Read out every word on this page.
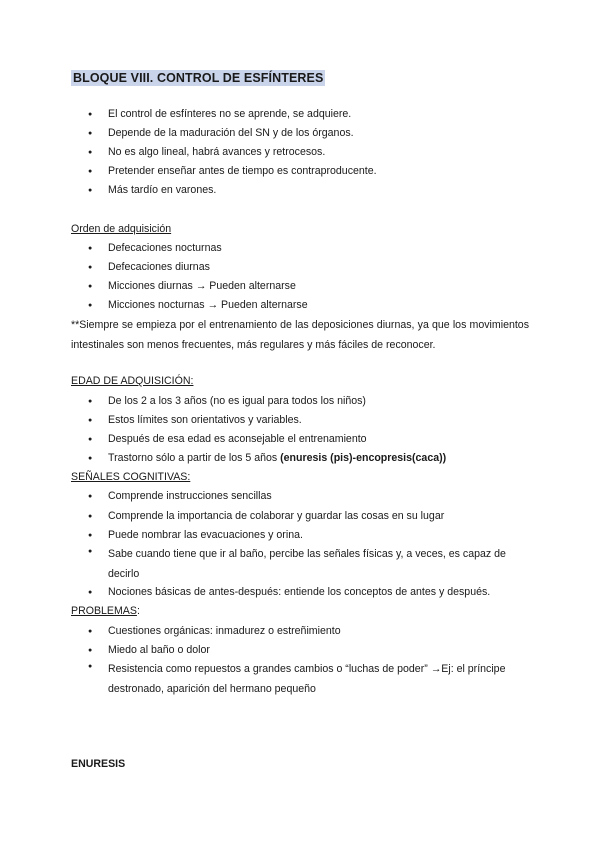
BLOQUE VIII. CONTROL DE ESFÍNTERES
● El control de esfínteres no se aprende, se adquiere.
● Depende de la maduración del SN y de los órganos.
● No es algo lineal, habrá avances y retrocesos.
● Pretender enseñar antes de tiempo es contraproducente.
● Más tardío en varones.
Orden de adquisición
● Defecaciones nocturnas
● Defecaciones diurnas
● Micciones diurnas → Pueden alternarse
● Micciones nocturnas → Pueden alternarse
**Siempre se empieza por el entrenamiento de las deposiciones diurnas, ya que los movimientos intestinales son menos frecuentes, más regulares y más fáciles de reconocer.
EDAD DE ADQUISICIÓN:
● De los 2 a los 3 años (no es igual para todos los niños)
● Estos límites son orientativos y variables.
● Después de esa edad es aconsejable el entrenamiento
● Trastorno sólo a partir de los 5 años (enuresis (pis)-encopresis(caca))
SEÑALES COGNITIVAS:
● Comprende instrucciones sencillas
● Comprende la importancia de colaborar y guardar las cosas en su lugar
● Puede nombrar las evacuaciones y orina.
● Sabe cuando tiene que ir al baño, percibe las señales físicas y, a veces, es capaz de decirlo
● Nociones básicas de antes-después: entiende los conceptos de antes y después.
PROBLEMAS:
● Cuestiones orgánicas: inmadurez o estreñimiento
● Miedo al baño o dolor
● Resistencia como repuestos a grandes cambios o “luchas de poder” →Ej: el príncipe destronado, aparición del hermano pequeño
ENURESIS
